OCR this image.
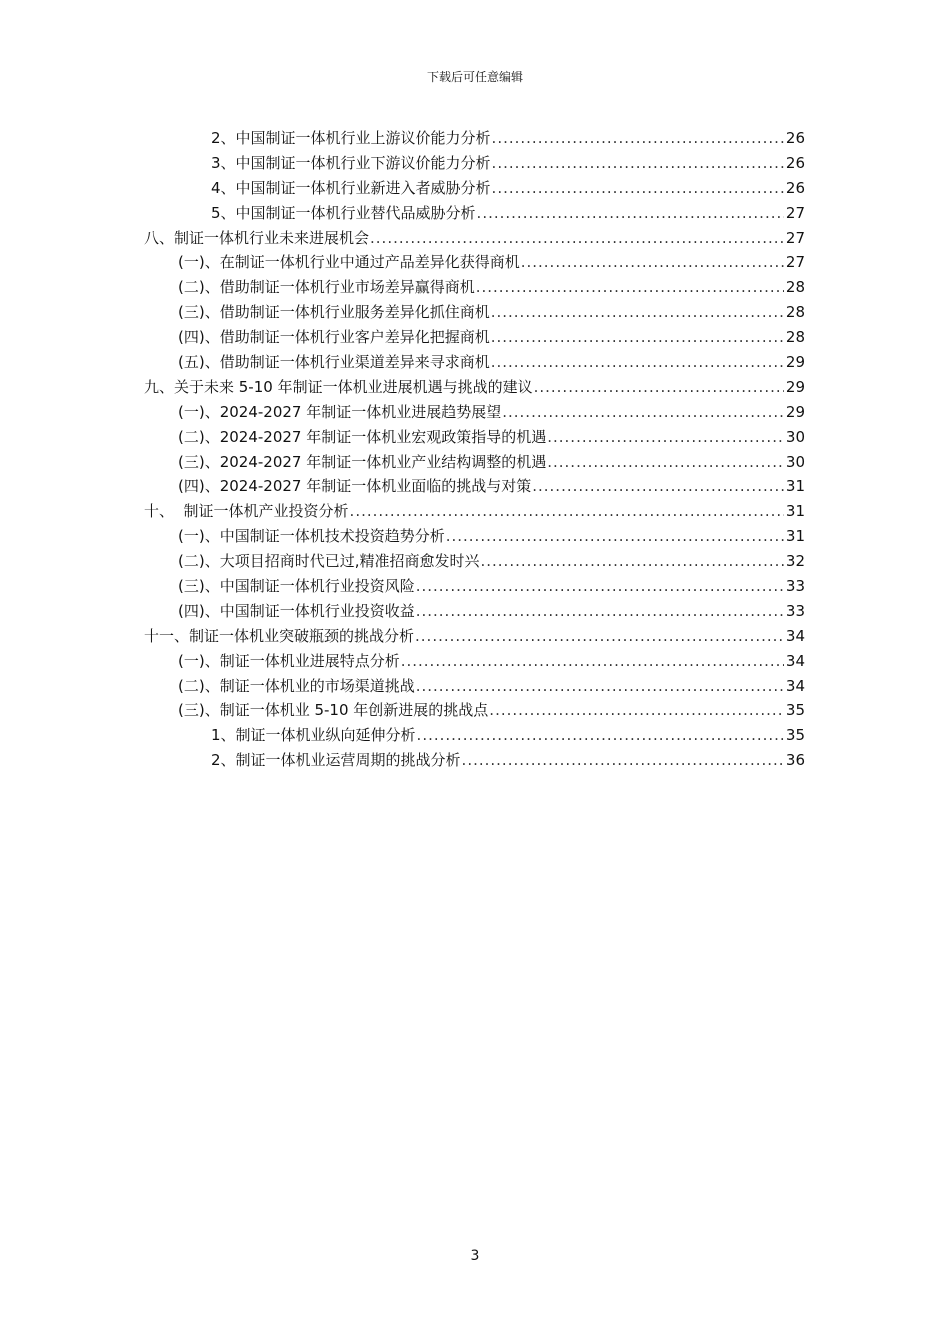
下载后可任意编辑
2、中国制证一体机行业上游议价能力分析 .....	26
3、中国制证一体机行业下游议价能力分析 .....	26
4、中国制证一体机行业新进入者威胁分析 .....	26
5、中国制证一体机行业替代品威胁分析 .....	27
八、制证一体机行业未来进展机会 .....	27
(一)、在制证一体机行业中通过产品差异化获得商机 .....	27
(二)、借助制证一体机行业市场差异赢得商机 .....	28
(三)、借助制证一体机行业服务差异化抓住商机 .....	28
(四)、借助制证一体机行业客户差异化把握商机 .....	28
(五)、借助制证一体机行业渠道差异来寻求商机 .....	29
九、关于未来 5-10 年制证一体机业进展机遇与挑战的建议 .....	29
(一)、2024-2027 年制证一体机业进展趋势展望 .....	29
(二)、2024-2027 年制证一体机业宏观政策指导的机遇 .....	30
(三)、2024-2027 年制证一体机业产业结构调整的机遇 .....	30
(四)、2024-2027 年制证一体机业面临的挑战与对策 .....	31
十、  制证一体机产业投资分析 .....	31
(一)、中国制证一体机技术投资趋势分析 .....	31
(二)、大项目招商时代已过,精准招商愈发时兴 .....	32
(三)、中国制证一体机行业投资风险 .....	33
(四)、中国制证一体机行业投资收益 .....	33
十一、制证一体机业突破瓶颈的挑战分析 .....	34
(一)、制证一体机业进展特点分析 .....	34
(二)、制证一体机业的市场渠道挑战 .....	34
(三)、制证一体机业 5-10 年创新进展的挑战点 .....	35
1、制证一体机业纵向延伸分析 .....	35
2、制证一体机业运营周期的挑战分析 .....	36
3
